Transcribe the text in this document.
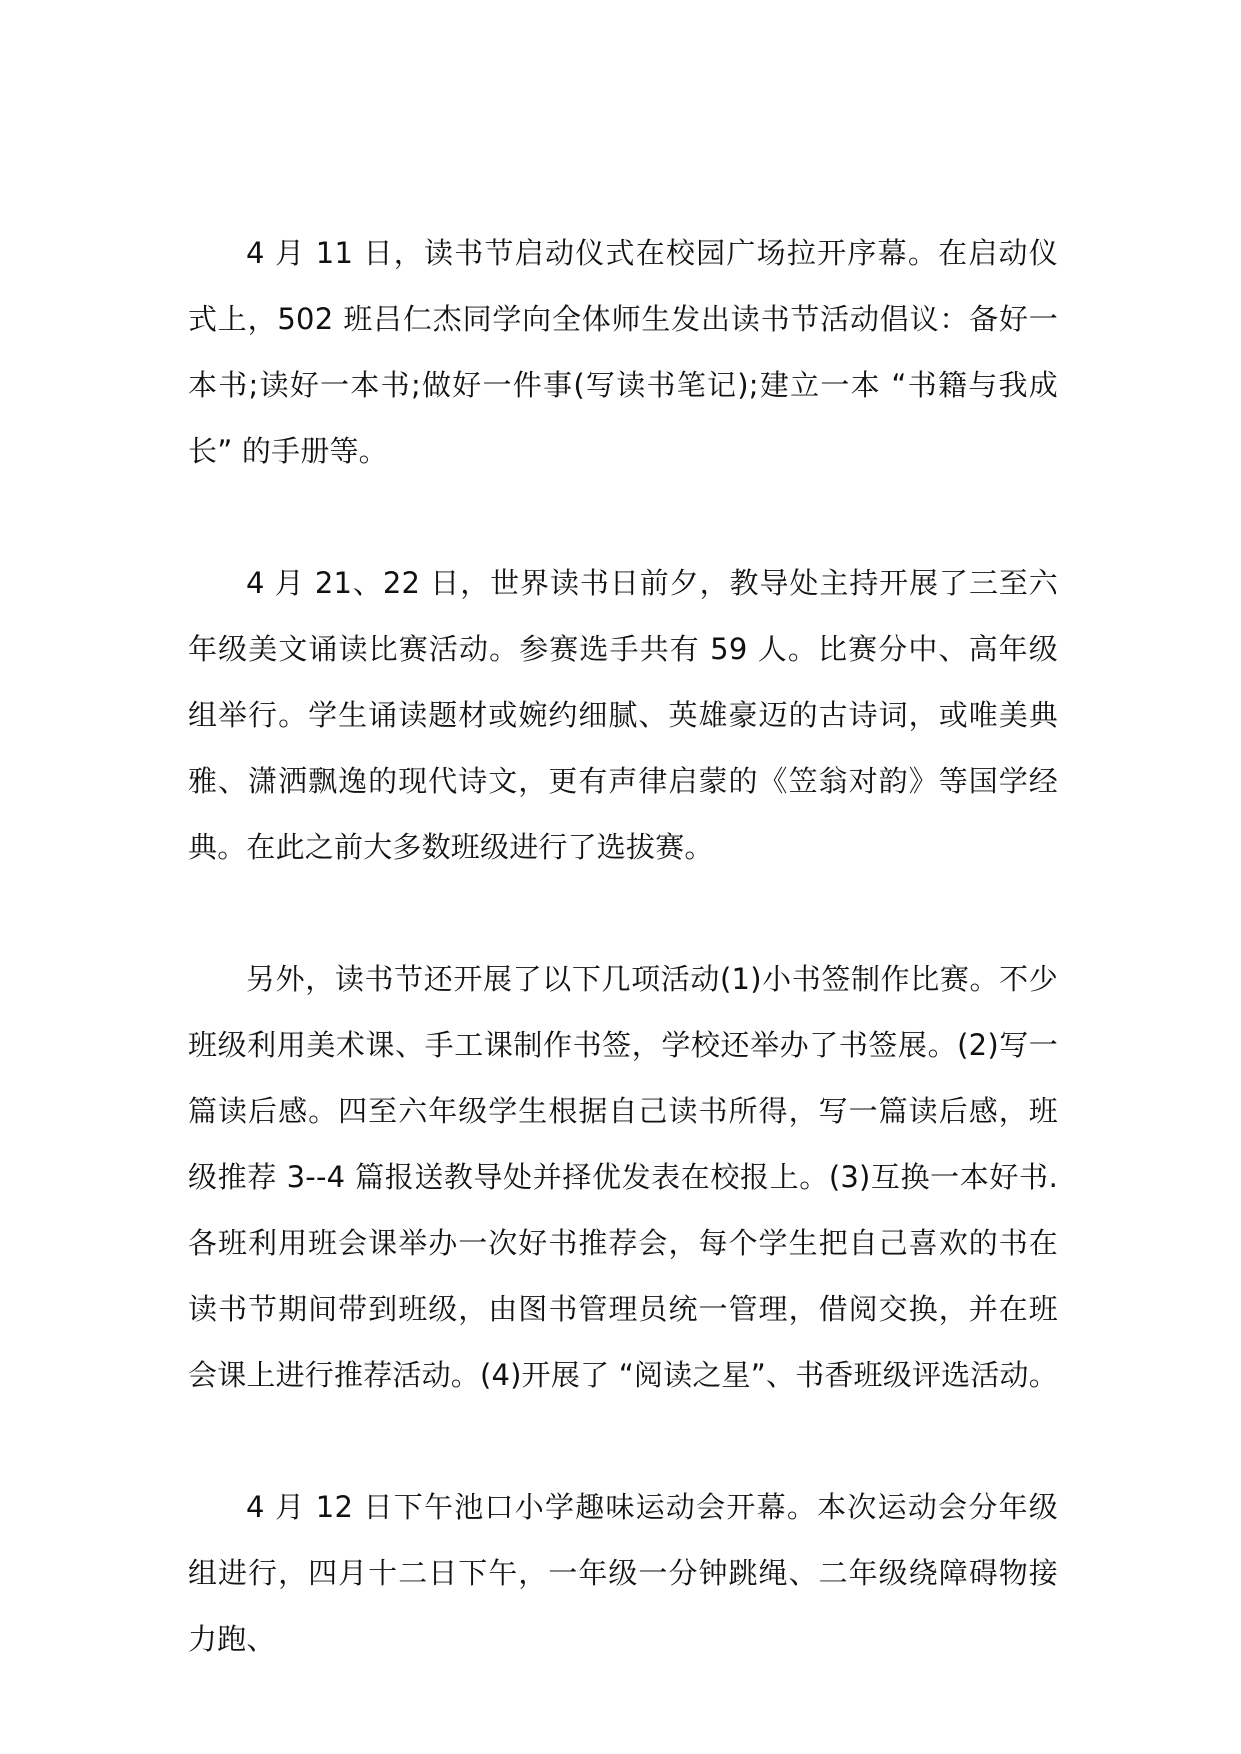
4 月 11 日，读书节启动仪式在校园广场拉开序幕。在启动仪式上，502 班吕仁杰同学向全体师生发出读书节活动倡议：备好一本书;读好一本书;做好一件事(写读书笔记);建立一本 “书籍与我成长” 的手册等。

4 月 21、22 日，世界读书日前夕，教导处主持开展了三至六年级美文诵读比赛活动。参赛选手共有 59 人。比赛分中、高年级组举行。学生诵读题材或婉约细腻、英雄豪迈的古诗词，或唯美典雅、潇洒飘逸的现代诗文，更有声律启蒙的《笠翁对韵》等国学经典。在此之前大多数班级进行了选拔赛。

另外，读书节还开展了以下几项活动(1)小书签制作比赛。不少班级利用美术课、手工课制作书签，学校还举办了书签展。(2)写一篇读后感。四至六年级学生根据自己读书所得，写一篇读后感，班级推荐 3--4 篇报送教导处并择优发表在校报上。(3)互换一本好书.各班利用班会课举办一次好书推荐会，每个学生把自己喜欢的书在读书节期间带到班级，由图书管理员统一管理，借阅交换，并在班会课上进行推荐活动。(4)开展了 “阅读之星”、书香班级评选活动。

4 月 12 日下午池口小学趣味运动会开幕。本次运动会分年级组进行，四月十二日下午，一年级一分钟跳绳、二年级绕障碍物接力跑、
